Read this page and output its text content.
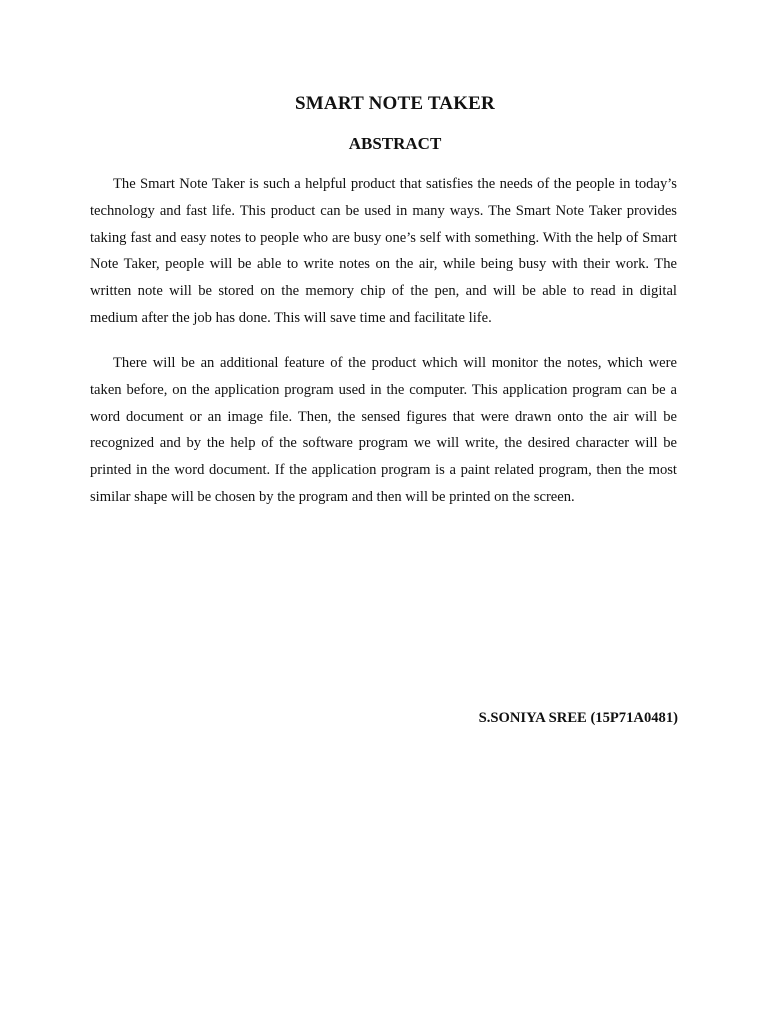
SMART NOTE TAKER
ABSTRACT

The Smart Note Taker is such a helpful product that satisfies the needs of the people in today’s technology and fast life. This product can be used in many ways. The Smart Note Taker provides taking fast and easy notes to people who are busy one’s self with something. With the help of Smart Note Taker, people will be able to write notes on the air, while being busy with their work. The written note will be stored on the memory chip of the pen, and will be able to read in digital medium after the job has done. This will save time and facilitate life.

There will be an additional feature of the product which will monitor the notes, which were taken before, on the application program used in the computer. This application program can be a word document or an image file. Then, the sensed figures that were drawn onto the air will be recognized and by the help of the software program we will write, the desired character will be printed in the word document. If the application program is a paint related program, then the most similar shape will be chosen by the program and then will be printed on the screen.

S.SONIYA SREE (15P71A0481)
